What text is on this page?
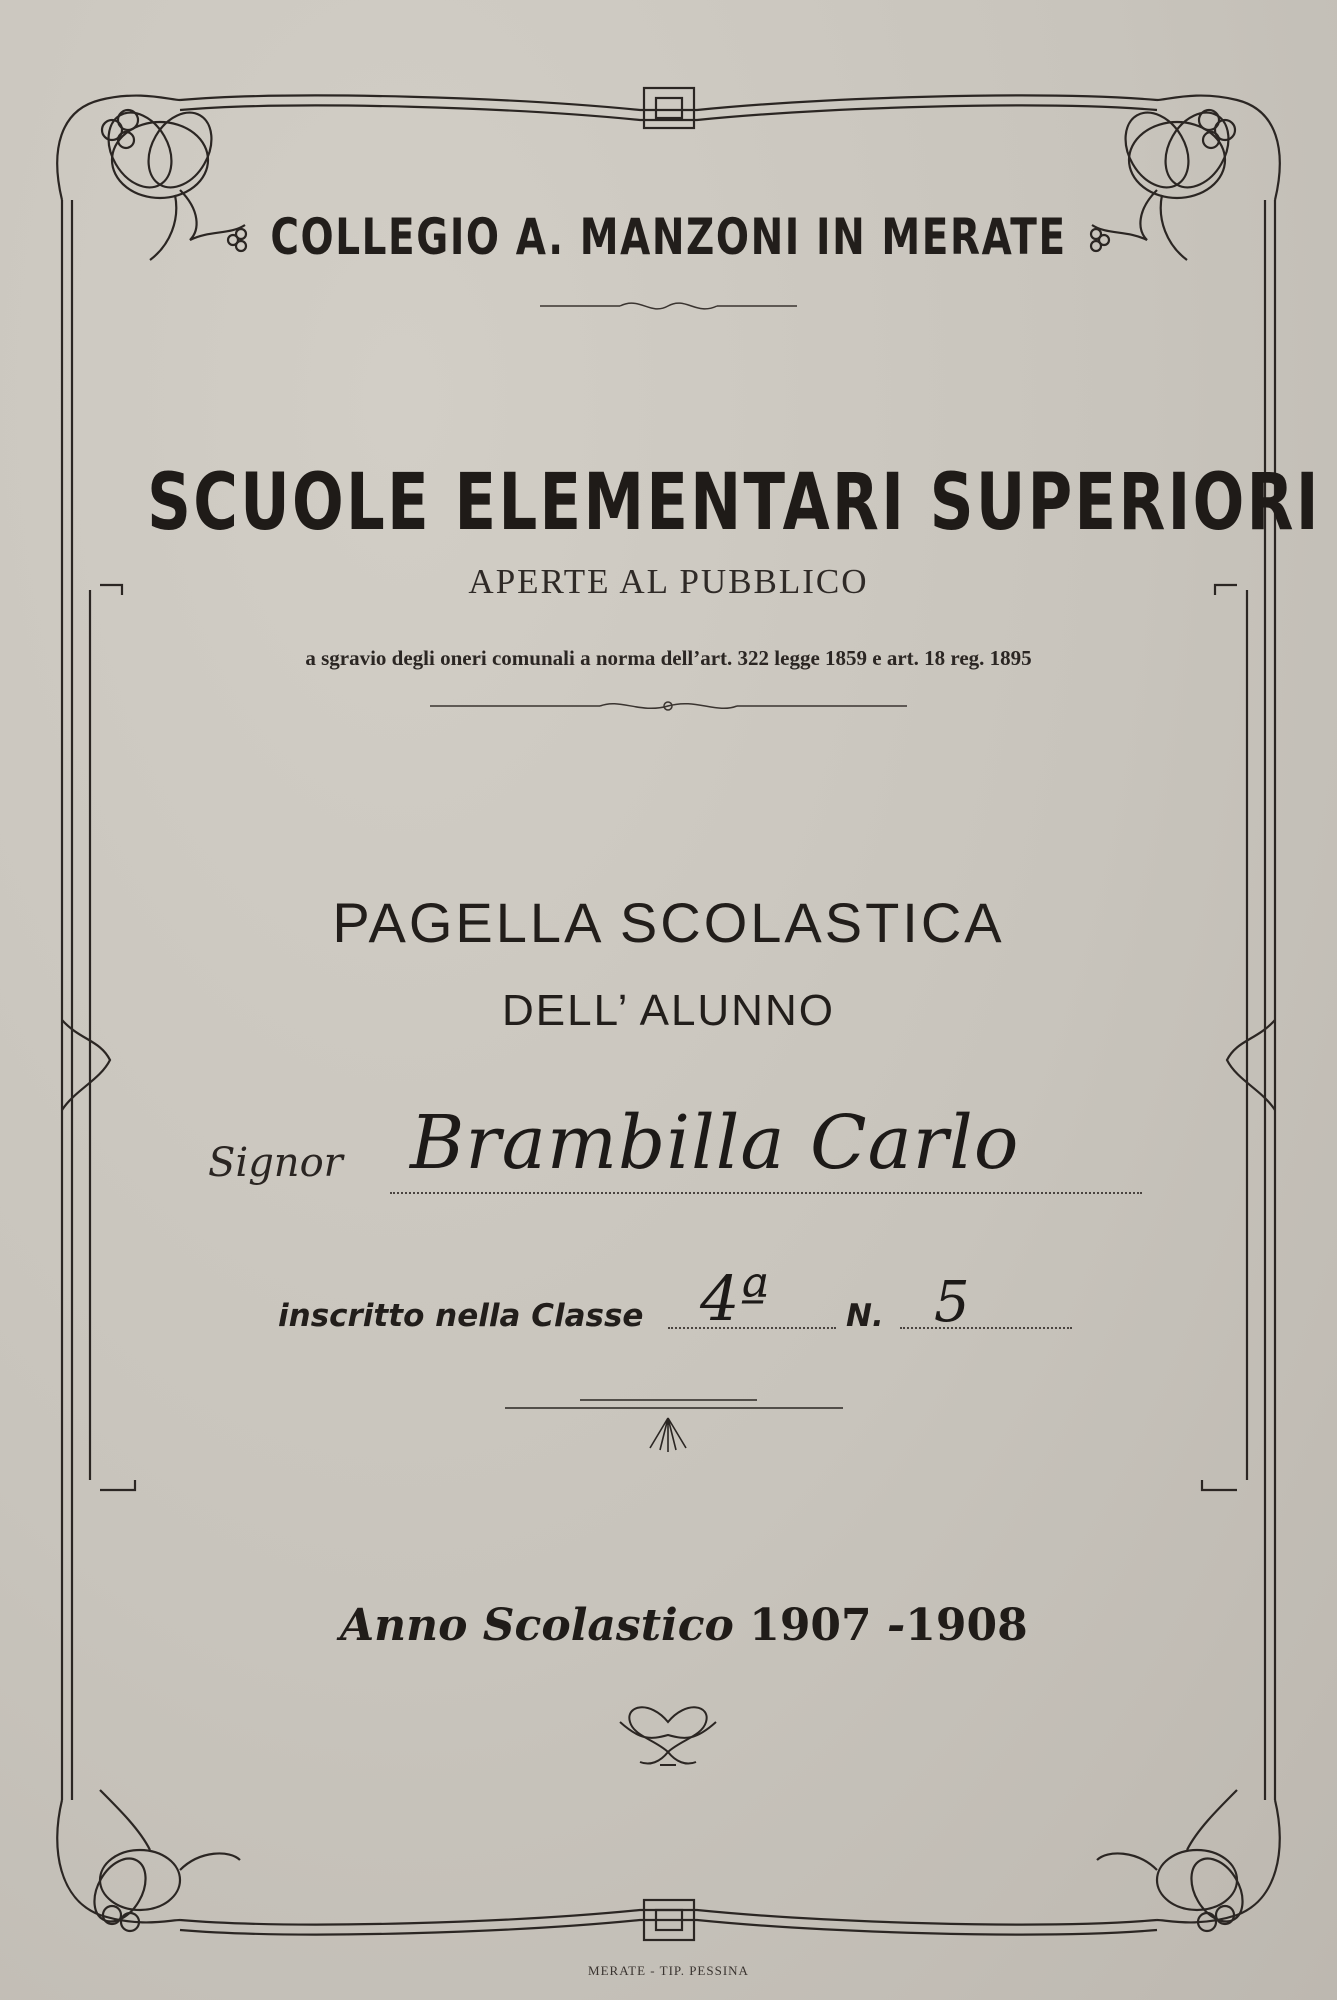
COLLEGIO A. MANZONI IN MERATE
SCUOLE ELEMENTARI SUPERIORI
APERTE AL PUBBLICO
a sgravio degli oneri comunali a norma dell’art. 322 legge 1859 e art. 18 reg. 1895
PAGELLA SCOLASTICA
DELL’ ALUNNO
Signor Brambilla Carlo
inscritto nella Classe 4ª N. 5
Anno Scolastico 1907 -1908
MERATE - TIP. PESSINA
